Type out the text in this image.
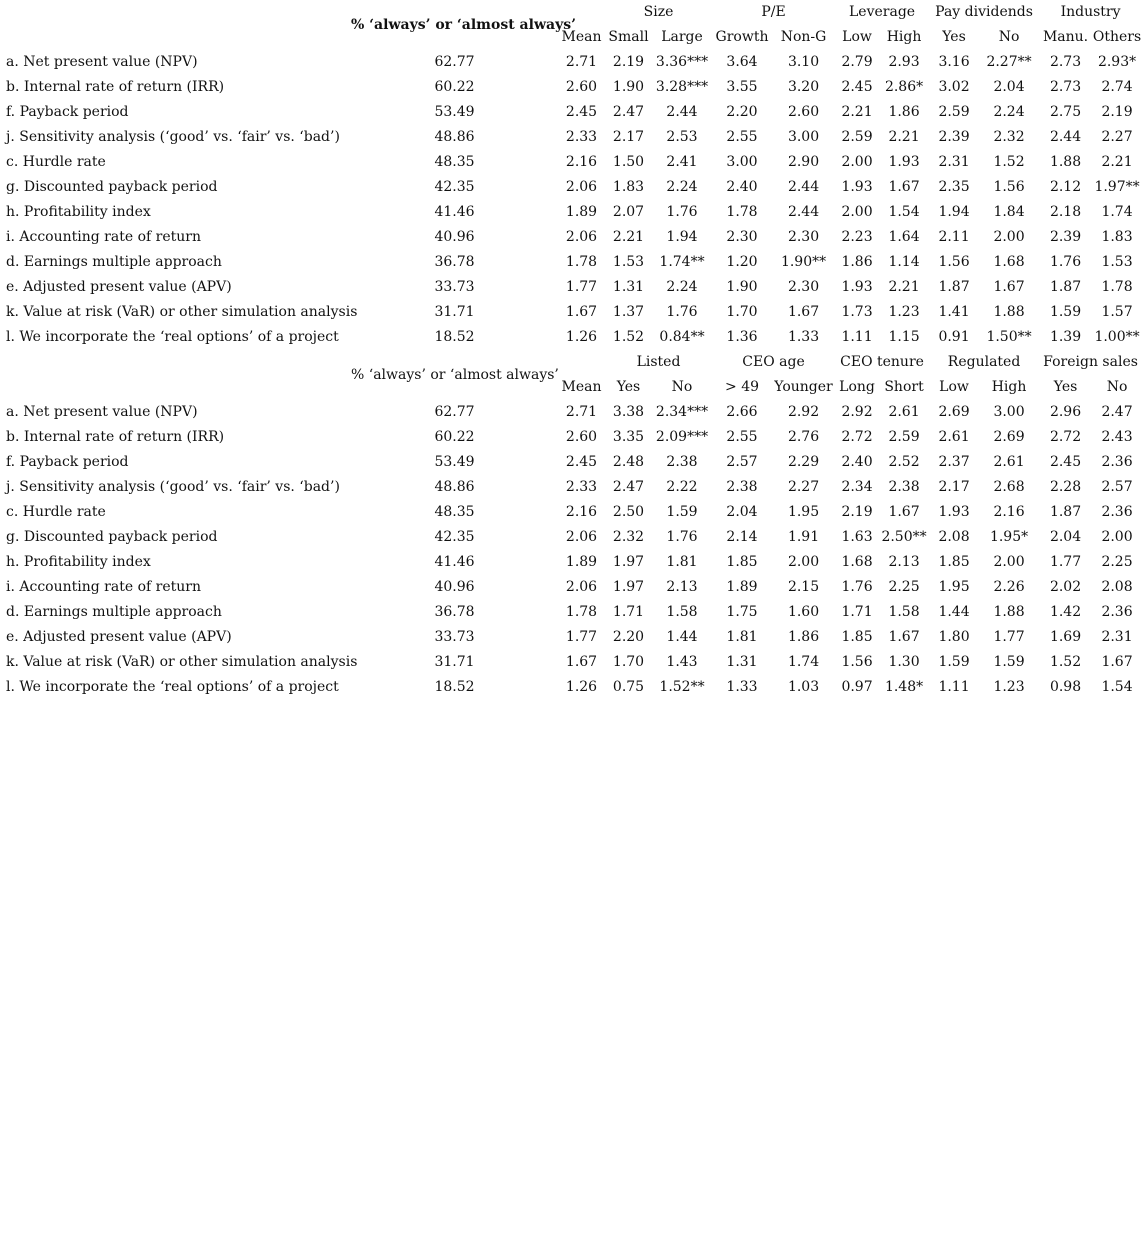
	% ‘always’ or ‘almost always’		Size		P/E		Leverage		Pay dividends		Industry	
		Mean	Small	Large	Growth	Non-G	Low	High	Yes	No	Manu.	Others
a. Net present value (NPV)	62.77	2.71	2.19	3.36***	3.64	3.10	2.79	2.93	3.16	2.27**	2.73	2.93*
b. Internal rate of return (IRR)	60.22	2.60	1.90	3.28***	3.55	3.20	2.45	2.86*	3.02	2.04	2.73	2.74
f. Payback period	53.49	2.45	2.47	2.44	2.20	2.60	2.21	1.86	2.59	2.24	2.75	2.19
j. Sensitivity analysis (‘good’ vs. ‘fair’ vs. ‘bad’)	48.86	2.33	2.17	2.53	2.55	3.00	2.59	2.21	2.39	2.32	2.44	2.27
c. Hurdle rate	48.35	2.16	1.50	2.41	3.00	2.90	2.00	1.93	2.31	1.52	1.88	2.21
g. Discounted payback period	42.35	2.06	1.83	2.24	2.40	2.44	1.93	1.67	2.35	1.56	2.12	1.97**
h. Profitability index	41.46	1.89	2.07	1.76	1.78	2.44	2.00	1.54	1.94	1.84	2.18	1.74
i. Accounting rate of return	40.96	2.06	2.21	1.94	2.30	2.30	2.23	1.64	2.11	2.00	2.39	1.83
d. Earnings multiple approach	36.78	1.78	1.53	1.74**	1.20	1.90**	1.86	1.14	1.56	1.68	1.76	1.53
e. Adjusted present value (APV)	33.73	1.77	1.31	2.24	1.90	2.30	1.93	2.21	1.87	1.67	1.87	1.78
k. Value at risk (VaR) or other simulation analysis	31.71	1.67	1.37	1.76	1.70	1.67	1.73	1.23	1.41	1.88	1.59	1.57
l. We incorporate the ‘real options’ of a project	18.52	1.26	1.52	0.84**	1.36	1.33	1.11	1.15	0.91	1.50**	1.39	1.00**
	% ‘always’ or ‘almost always’		Listed		CEO age		CEO tenure		Regulated		Foreign sales	
		Mean	Yes	No	> 49	Younger	Long	Short	Low	High	Yes	No
a. Net present value (NPV)	62.77	2.71	3.38	2.34***	2.66	2.92	2.92	2.61	2.69	3.00	2.96	2.47
b. Internal rate of return (IRR)	60.22	2.60	3.35	2.09***	2.55	2.76	2.72	2.59	2.61	2.69	2.72	2.43
f. Payback period	53.49	2.45	2.48	2.38	2.57	2.29	2.40	2.52	2.37	2.61	2.45	2.36
j. Sensitivity analysis (‘good’ vs. ‘fair’ vs. ‘bad’)	48.86	2.33	2.47	2.22	2.38	2.27	2.34	2.38	2.17	2.68	2.28	2.57
c. Hurdle rate	48.35	2.16	2.50	1.59	2.04	1.95	2.19	1.67	1.93	2.16	1.87	2.36
g. Discounted payback period	42.35	2.06	2.32	1.76	2.14	1.91	1.63	2.50**	2.08	1.95*	2.04	2.00
h. Profitability index	41.46	1.89	1.97	1.81	1.85	2.00	1.68	2.13	1.85	2.00	1.77	2.25
i. Accounting rate of return	40.96	2.06	1.97	2.13	1.89	2.15	1.76	2.25	1.95	2.26	2.02	2.08
d. Earnings multiple approach	36.78	1.78	1.71	1.58	1.75	1.60	1.71	1.58	1.44	1.88	1.42	2.36
e. Adjusted present value (APV)	33.73	1.77	2.20	1.44	1.81	1.86	1.85	1.67	1.80	1.77	1.69	2.31
k. Value at risk (VaR) or other simulation analysis	31.71	1.67	1.70	1.43	1.31	1.74	1.56	1.30	1.59	1.59	1.52	1.67
l. We incorporate the ‘real options’ of a project	18.52	1.26	0.75	1.52**	1.33	1.03	0.97	1.48*	1.11	1.23	0.98	1.54
